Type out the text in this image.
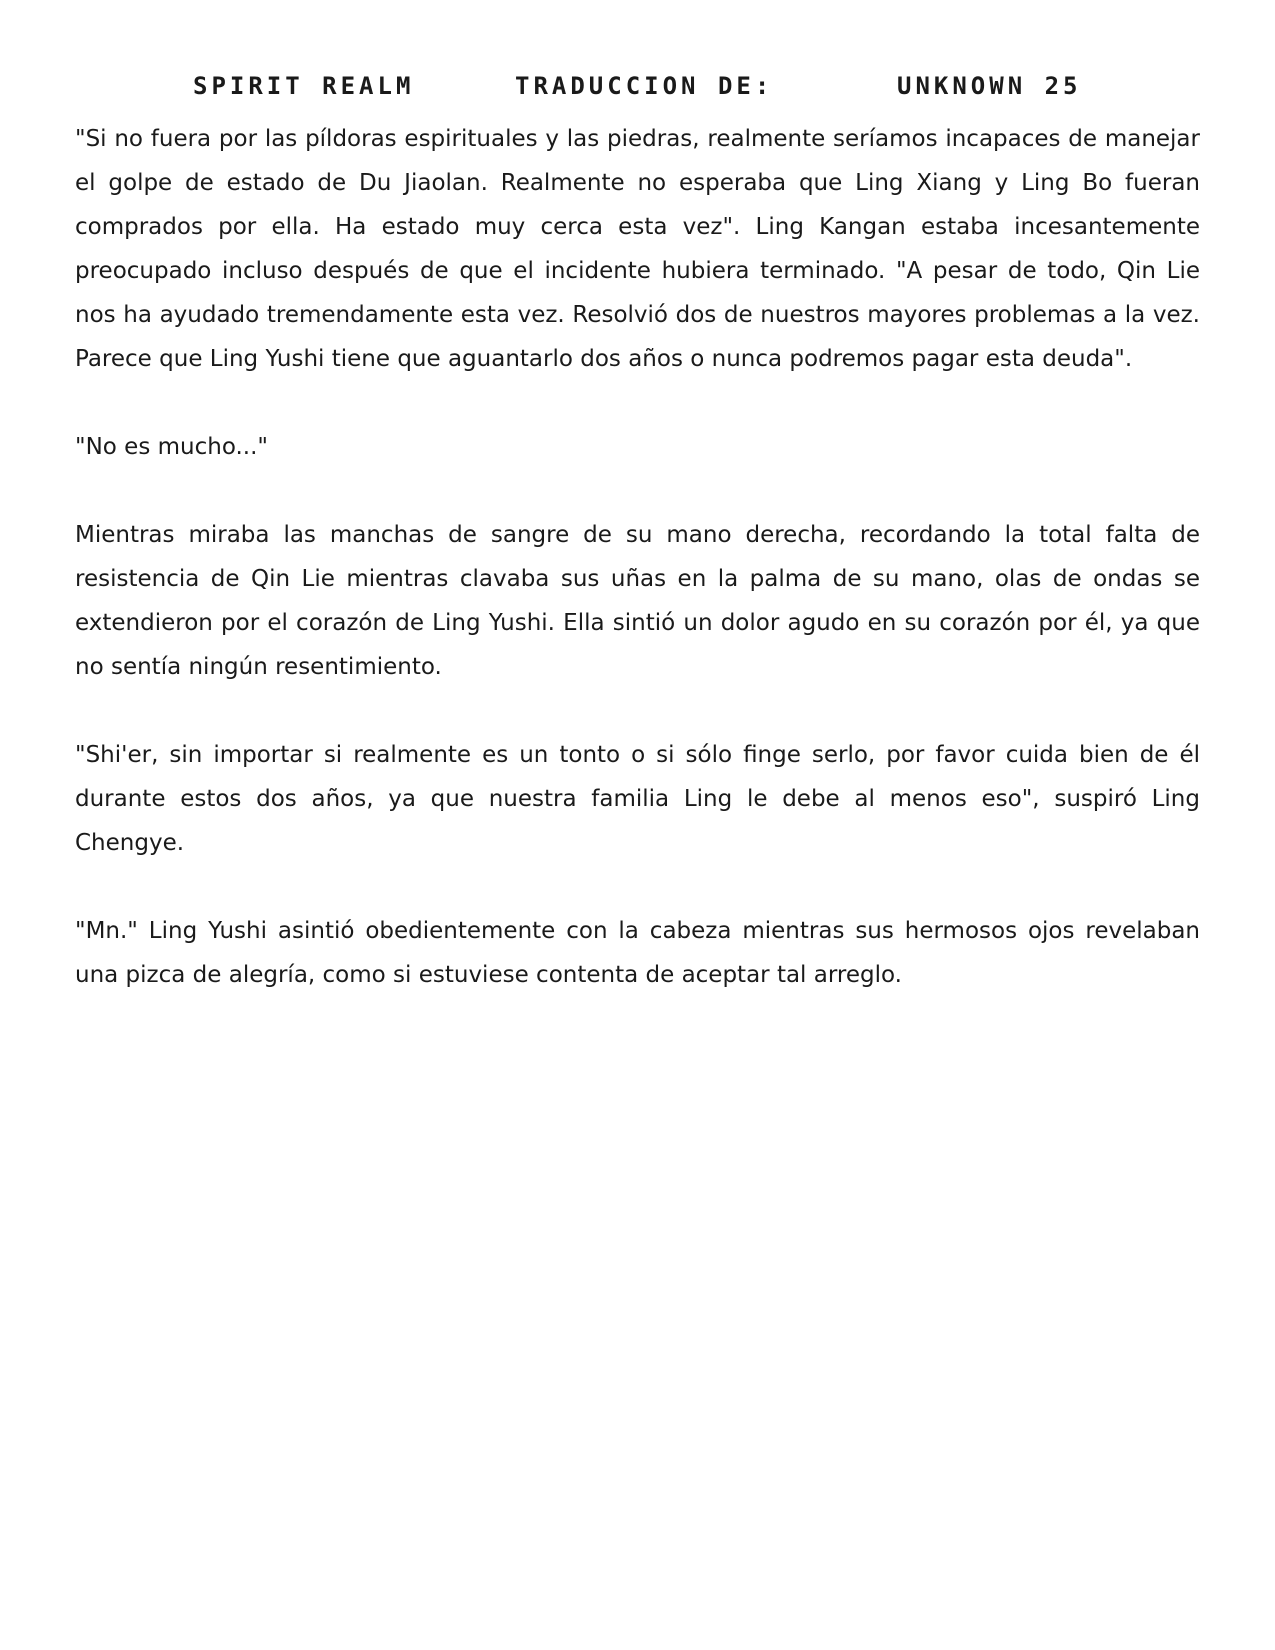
SPIRIT REALM	TRADUCCION DE:	UNKNOWN 25

"Si no fuera por las píldoras espirituales y las piedras, realmente seríamos incapaces de manejar el golpe de estado de Du Jiaolan. Realmente no esperaba que Ling Xiang y Ling Bo fueran comprados por ella. Ha estado muy cerca esta vez". Ling Kangan estaba incesantemente preocupado incluso después de que el incidente hubiera terminado. "A pesar de todo, Qin Lie nos ha ayudado tremendamente esta vez. Resolvió dos de nuestros mayores problemas a la vez. Parece que Ling Yushi tiene que aguantarlo dos años o nunca podremos pagar esta deuda".

"No es mucho..."

Mientras miraba las manchas de sangre de su mano derecha, recordando la total falta de resistencia de Qin Lie mientras clavaba sus uñas en la palma de su mano, olas de ondas se extendieron por el corazón de Ling Yushi. Ella sintió un dolor agudo en su corazón por él, ya que no sentía ningún resentimiento.

"Shi'er, sin importar si realmente es un tonto o si sólo finge serlo, por favor cuida bien de él durante estos dos años, ya que nuestra familia Ling le debe al menos eso", suspiró Ling Chengye.

"Mn." Ling Yushi asintió obedientemente con la cabeza mientras sus hermosos ojos revelaban una pizca de alegría, como si estuviese contenta de aceptar tal arreglo.
